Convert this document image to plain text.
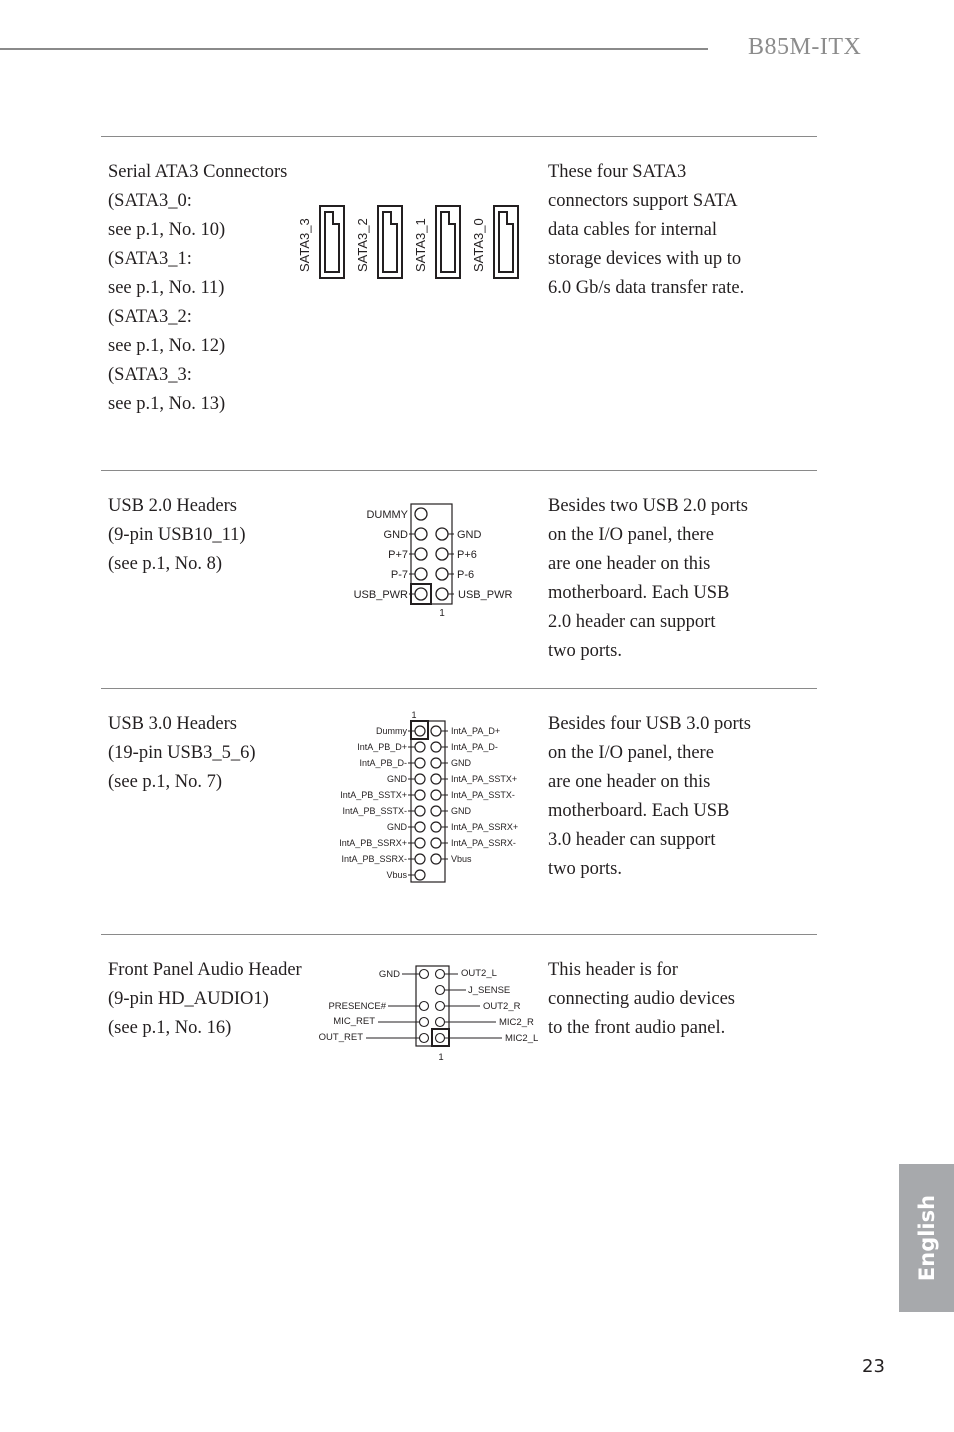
B85M-ITX
Serial ATA3 Connectors
(SATA3_0:
see p.1, No. 10)
(SATA3_1:
see p.1, No. 11)
(SATA3_2:
see p.1, No. 12)
(SATA3_3:
see p.1, No. 13)
These four SATA3
connectors support SATA
data cables for internal
storage devices with up to
6.0 Gb/s data transfer rate.
SATA3_3	SATA3_2	SATA3_1	SATA3_0
USB 2.0 Headers
(9-pin USB10_11)
(see p.1, No. 8)
Besides two USB 2.0 ports
on the I/O panel, there
are one header on this
motherboard. Each USB
2.0 header can support
two ports.
DUMMY
GND
P+7
P-7
USB_PWR
GND
P+6
P-6
USB_PWR
1
USB 3.0 Headers
(19-pin USB3_5_6)
(see p.1, No. 7)
Besides four USB 3.0 ports
on the I/O panel, there
are one header on this
motherboard. Each USB
3.0 header can support
two ports.
1
Dummy
IntA_PB_D+
IntA_PB_D-
GND
IntA_PB_SSTX+
IntA_PB_SSTX-
GND
IntA_PB_SSRX+
IntA_PB_SSRX-
Vbus
IntA_PA_D+
IntA_PA_D-
GND
IntA_PA_SSTX+
IntA_PA_SSTX-
GND
IntA_PA_SSRX+
IntA_PA_SSRX-
Vbus
Front Panel Audio Header
(9-pin HD_AUDIO1)
(see p.1, No. 16)
This header is for
connecting audio devices
to the front audio panel.
GND
PRESENCE#
MIC_RET
OUT_RET
OUT2_L
J_SENSE
OUT2_R
MIC2_R
MIC2_L
1
English
23
